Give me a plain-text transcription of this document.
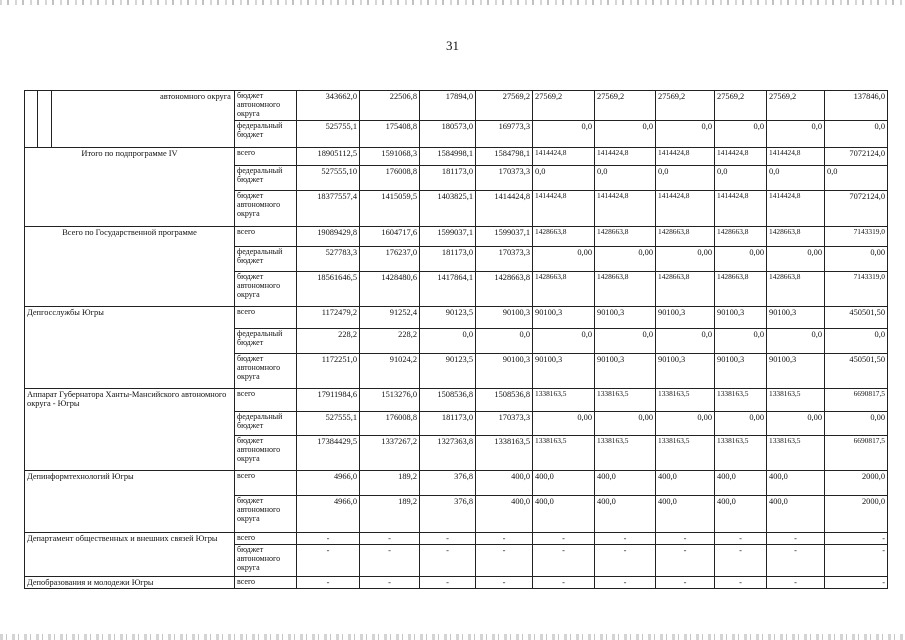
31
		автономного округа	бюджет автономного округа	343662,0	22506,8	17894,0	27569,2	27569,2	27569,2	27569,2	27569,2	27569,2	137846,0
			федеральный бюджет	525755,1	175408,8	180573,0	169773,3	0,0	0,0	0,0	0,0	0,0	0,0
Итого по подпрограмме IV			всего	18905112,5	1591068,3	1584998,1	1584798,1	1414424,8	1414424,8	1414424,8	1414424,8	1414424,8	7072124,0
			федеральный бюджет	527555,10	176008,8	181173,0	170373,3	0,0	0,0	0,0	0,0	0,0	0,0
			бюджет автономного округа	18377557,4	1415059,5	1403825,1	1414424,8	1414424,8	1414424,8	1414424,8	1414424,8	1414424,8	7072124,0
Всего по Государственной программе			всего	19089429,8	1604717,6	1599037,1	1599037,1	1428663,8	1428663,8	1428663,8	1428663,8	1428663,8	7143319,0
			федеральный бюджет	527783,3	176237,0	181173,0	170373,3	0,00	0,00	0,00	0,00	0,00	0,00
			бюджет автономного округа	18561646,5	1428480,6	1417864,1	1428663,8	1428663,8	1428663,8	1428663,8	1428663,8	1428663,8	7143319,0
Депгосслужбы Югры			всего	1172479,2	91252,4	90123,5	90100,3	90100,3	90100,3	90100,3	90100,3	90100,3	450501,50
			федеральный бюджет	228,2	228,2	0,0	0,0	0,0	0,0	0,0	0,0	0,0	0,0
			бюджет автономного округа	1172251,0	91024,2	90123,5	90100,3	90100,3	90100,3	90100,3	90100,3	90100,3	450501,50
Аппарат Губернатора Ханты-Мансийского автономного округа - Югры			всего	17911984,6	1513276,0	1508536,8	1508536,8	1338163,5	1338163,5	1338163,5	1338163,5	1338163,5	6690817,5
			федеральный бюджет	527555,1	176008,8	181173,0	170373,3	0,00	0,00	0,00	0,00	0,00	0,00
			бюджет автономного округа	17384429,5	1337267,2	1327363,8	1338163,5	1338163,5	1338163,5	1338163,5	1338163,5	1338163,5	6690817,5
Депинформтехнологий Югры			всего	4966,0	189,2	376,8	400,0	400,0	400,0	400,0	400,0	400,0	2000,0
			бюджет автономного округа	4966,0	189,2	376,8	400,0	400,0	400,0	400,0	400,0	400,0	2000,0
Департамент общественных и внешних связей Югры			всего	-	-	-	-	-	-	-	-	-	-
			бюджет автономного округа	-	-	-	-	-	-	-	-	-	-
Депобразования и молодежи Югры			всего	-	-	-	-	-	-	-	-	-	-
